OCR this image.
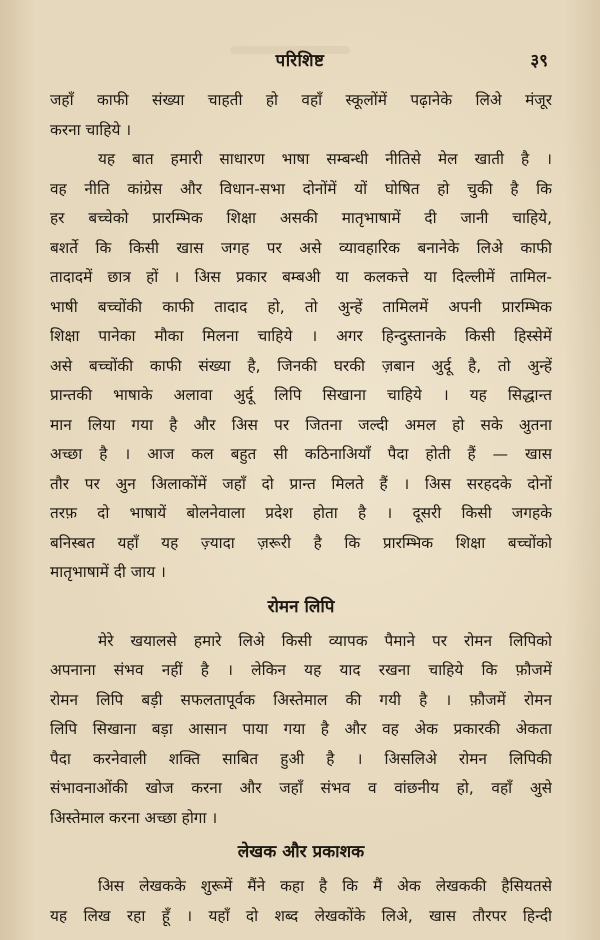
परिशिष्ट	३९
जहाँ काफी संख्या चाहती हो वहाँ स्कूलोंमें पढ़ानेके लिअे मंजूर
करना चाहिये ।
यह बात हमारी साधारण भाषा सम्बन्धी नीतिसे मेल खाती है ।
वह नीति कांग्रेस और विधान-सभा दोनोंमें यों घोषित हो चुकी है कि
हर बच्चेको प्रारम्भिक शिक्षा असकी मातृभाषामें दी जानी चाहिये,
बशर्ते कि किसी खास जगह पर असे व्यावहारिक बनानेके लिअे काफी
तादादमें छात्र हों । अिस प्रकार बम्बअी या कलकत्ते या दिल्लीमें तामिल-
भाषी बच्चोंकी काफी तादाद हो, तो अुन्हें तामिलमें अपनी प्रारम्भिक
शिक्षा पानेका मौका मिलना चाहिये । अगर हिन्दुस्तानके किसी हिस्सेमें
असे बच्चोंकी काफी संख्या है, जिनकी घरकी ज़बान अुर्दू है, तो अुन्हें
प्रान्तकी भाषाके अलावा अुर्दू लिपि सिखाना चाहिये । यह सिद्धान्त
मान लिया गया है और अिस पर जितना जल्दी अमल हो सके अुतना
अच्छा है । आज कल बहुत सी कठिनाअियाँ पैदा होती हैं — खास
तौर पर अुन अिलाकोंमें जहाँ दो प्रान्त मिलते हैं । अिस सरहदके दोनों
तरफ़ दो भाषायें बोलनेवाला प्रदेश होता है । दूसरी किसी जगहके
बनिस्बत यहाँ यह ज़्यादा ज़रूरी है कि प्रारम्भिक शिक्षा बच्चोंको
मातृभाषामें दी जाय ।
रोमन लिपि
मेरे खयालसे हमारे लिअे किसी व्यापक पैमाने पर रोमन लिपिको
अपनाना संभव नहीं है । लेकिन यह याद रखना चाहिये कि फ़ौजमें
रोमन लिपि बड़ी सफलतापूर्वक अिस्तेमाल की गयी है । फ़ौजमें रोमन
लिपि सिखाना बड़ा आसान पाया गया है और वह अेक प्रकारकी अेकता
पैदा करनेवाली शक्ति साबित हुअी है । अिसलिअे रोमन लिपिकी
संभावनाओंकी खोज करना और जहाँ संभव व वांछनीय हो, वहाँ अुसे
अिस्तेमाल करना अच्छा होगा ।
लेखक और प्रकाशक
अिस लेखकके शुरूमें मैंने कहा है कि मैं अेक लेखककी हैसियतसे
यह लिख रहा हूँ । यहाँ दो शब्द लेखकोंके लिअे, खास तौरपर हिन्दी
